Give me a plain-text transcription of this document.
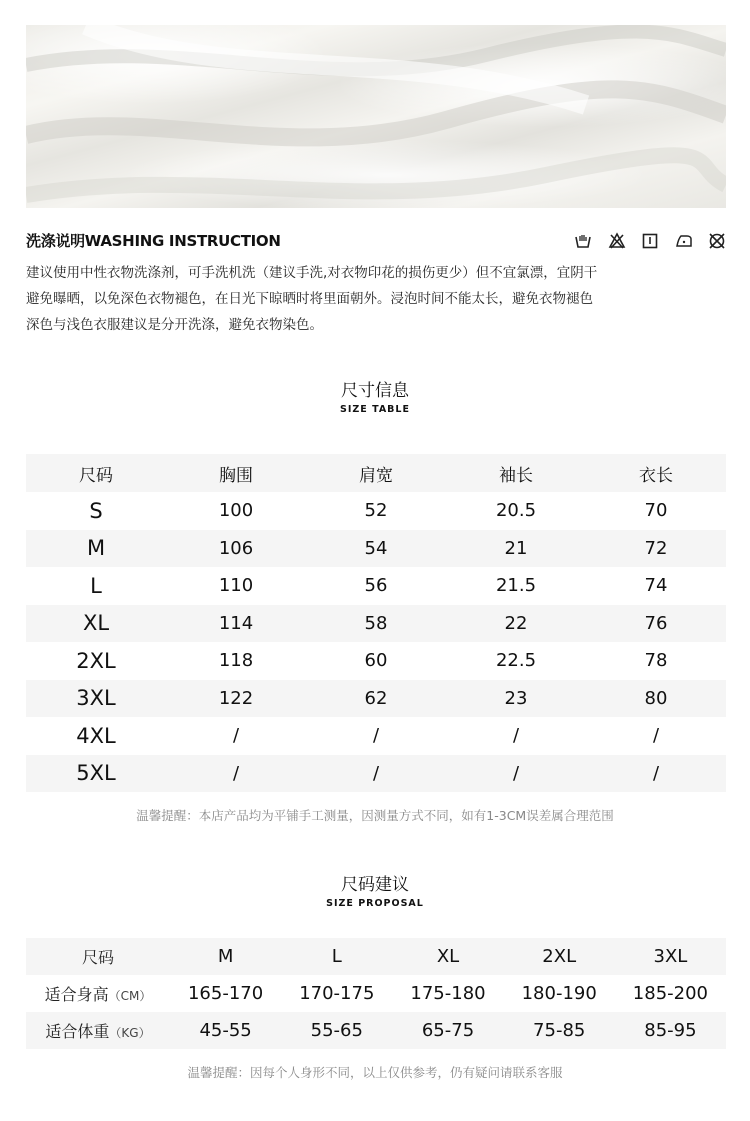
洗涤说明WASHING INSTRUCTION

建议使用中性衣物洗涤剂，可手洗机洗（建议手洗,对衣物印花的损伤更少）但不宜氯漂，宜阴干

避免曝晒，以免深色衣物褪色，在日光下晾晒时将里面朝外。浸泡时间不能太长，避免衣物褪色

深色与浅色衣服建议是分开洗涤，避免衣物染色。

尺寸信息
SIZE TABLE
尺码	胸围	肩宽	袖长	衣长
S	100	52	20.5	70
M	106	54	21	72
L	110	56	21.5	74
XL	114	58	22	76
2XL	118	60	22.5	78
3XL	122	62	23	80
4XL	/	/	/	/
5XL	/	/	/	/
温馨提醒：本店产品均为平铺手工测量，因测量方式不同，如有1-3CM误差属合理范围
尺码建议
SIZE PROPOSAL
尺码	M	L	XL	2XL	3XL
适合身高（CM）	165-170	170-175	175-180	180-190	185-200
适合体重（KG）	45-55	55-65	65-75	75-85	85-95
温馨提醒：因每个人身形不同，以上仅供参考，仍有疑问请联系客服
